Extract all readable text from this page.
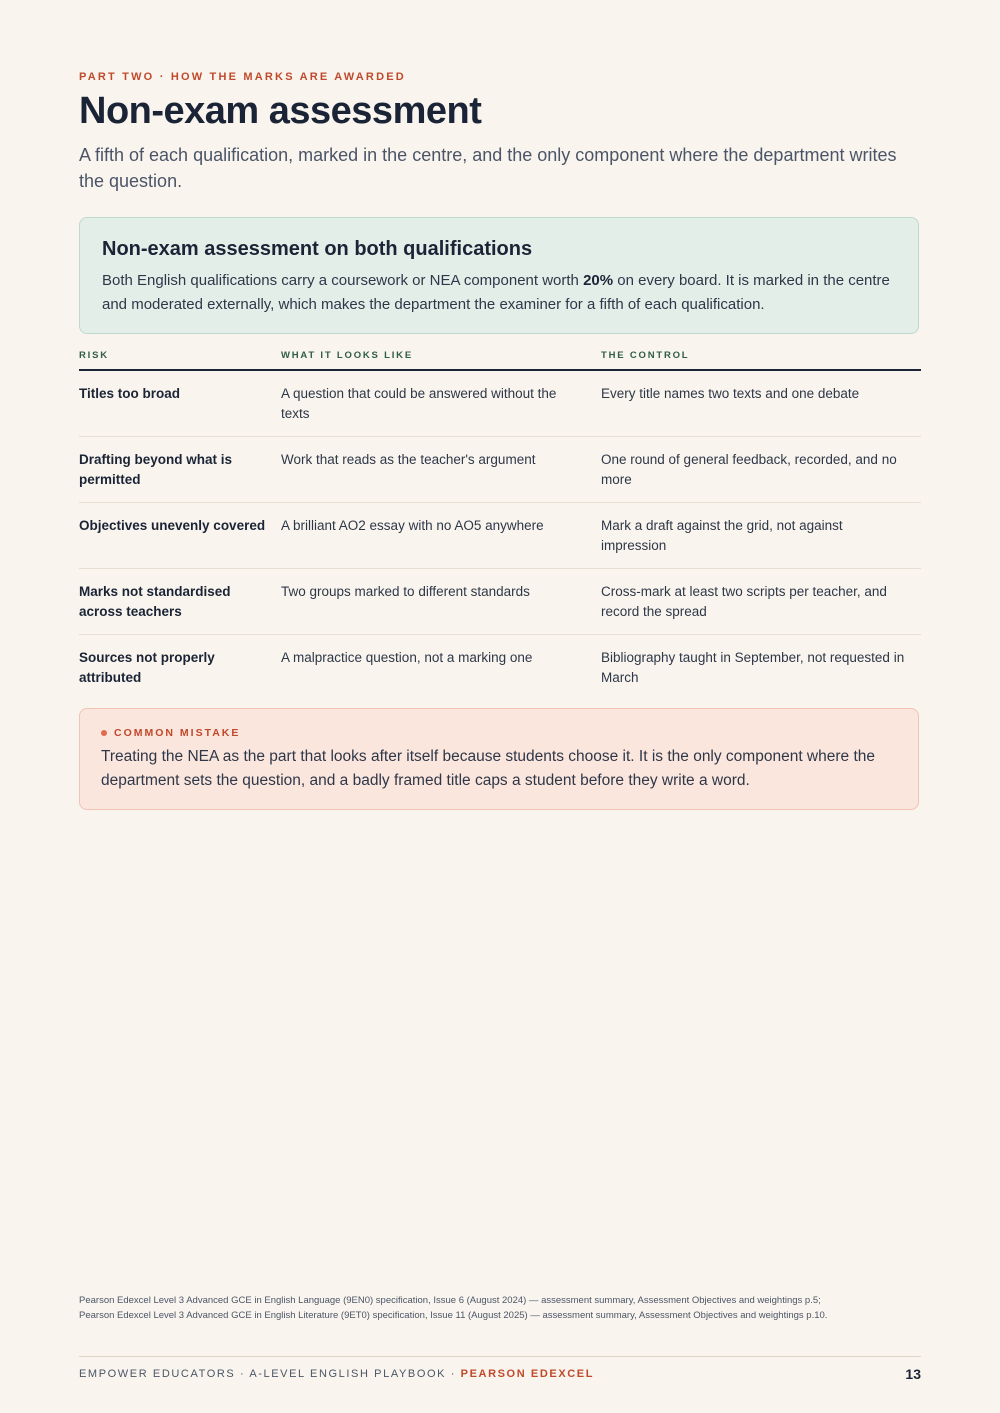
PART TWO · HOW THE MARKS ARE AWARDED
Non-exam assessment

A fifth of each qualification, marked in the centre, and the only component where the department writes the question.

Non-exam assessment on both qualifications

Both English qualifications carry a coursework or NEA component worth 20% on every board. It is marked in the centre and moderated externally, which makes the department the examiner for a fifth of each qualification.

RISK	WHAT IT LOOKS LIKE	THE CONTROL
Titles too broad	A question that could be answered without the texts	Every title names two texts and one debate
Drafting beyond what is permitted	Work that reads as the teacher's argument	One round of general feedback, recorded, and no more
Objectives unevenly covered	A brilliant AO2 essay with no AO5 anywhere	Mark a draft against the grid, not against impression
Marks not standardised across teachers	Two groups marked to different standards	Cross-mark at least two scripts per teacher, and record the spread
Sources not properly attributed	A malpractice question, not a marking one	Bibliography taught in September, not requested in March
COMMON MISTAKE

Treating the NEA as the part that looks after itself because students choose it. It is the only component where the department sets the question, and a badly framed title caps a student before they write a word.

Pearson Edexcel Level 3 Advanced GCE in English Language (9EN0) specification, Issue 6 (August 2024) — assessment summary, Assessment Objectives and weightings p.5;
Pearson Edexcel Level 3 Advanced GCE in English Literature (9ET0) specification, Issue 11 (August 2025) — assessment summary, Assessment Objectives and weightings p.10.
EMPOWER EDUCATORS · A-LEVEL ENGLISH PLAYBOOK · PEARSON EDEXCEL	13
